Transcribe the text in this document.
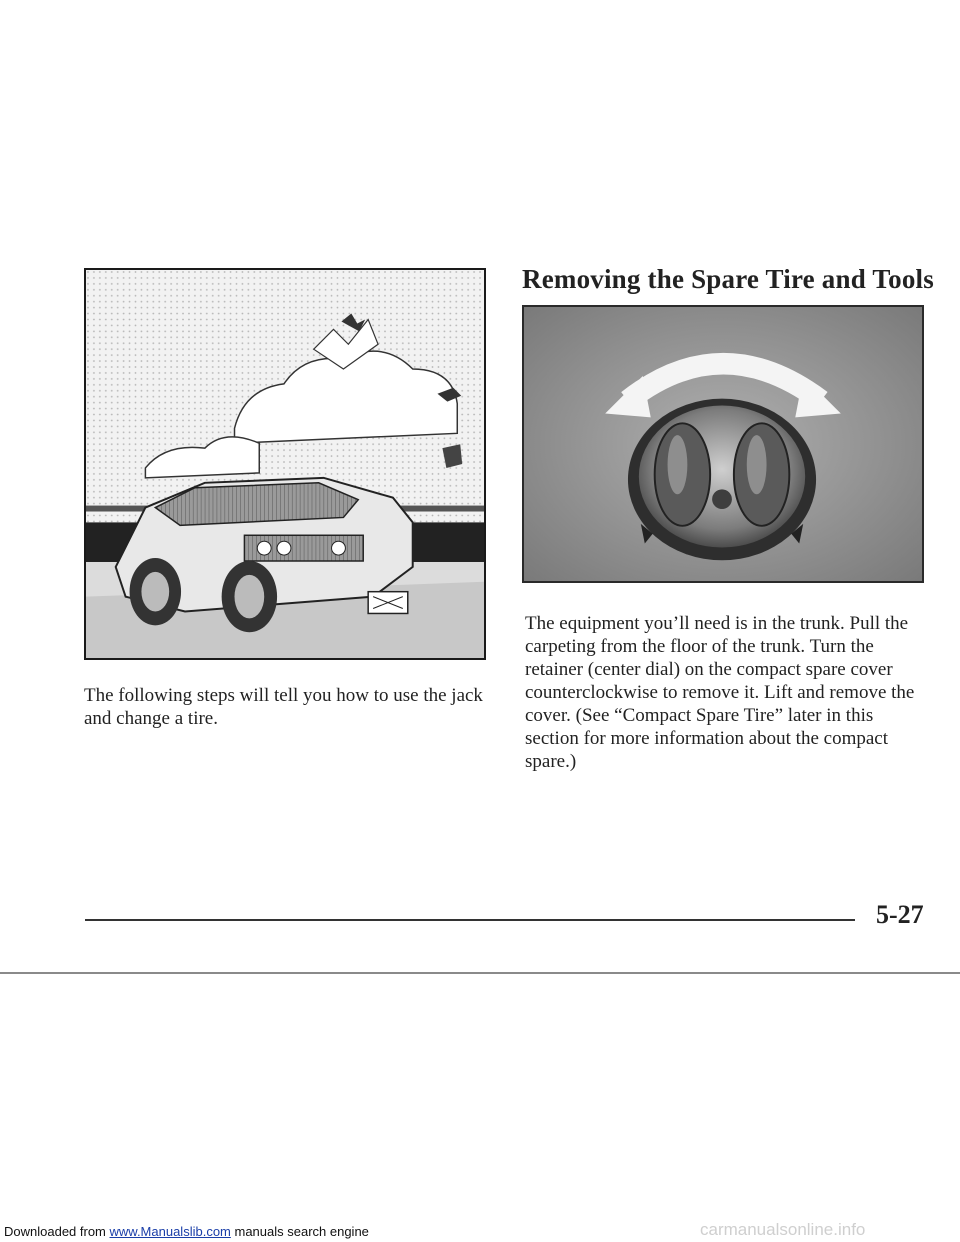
The following steps will tell you how to use the jack and change a tire.
Removing the Spare Tire and Tools
The equipment you’ll need is in the trunk. Pull the carpeting from the floor of the trunk. Turn the retainer (center dial) on the compact spare cover counterclockwise to remove it. Lift and remove the cover. (See “Compact Spare Tire” later in this section for more information about the compact spare.)
5-27
Downloaded from www.Manualslib.com manuals search engine	carmanualsonline.info
